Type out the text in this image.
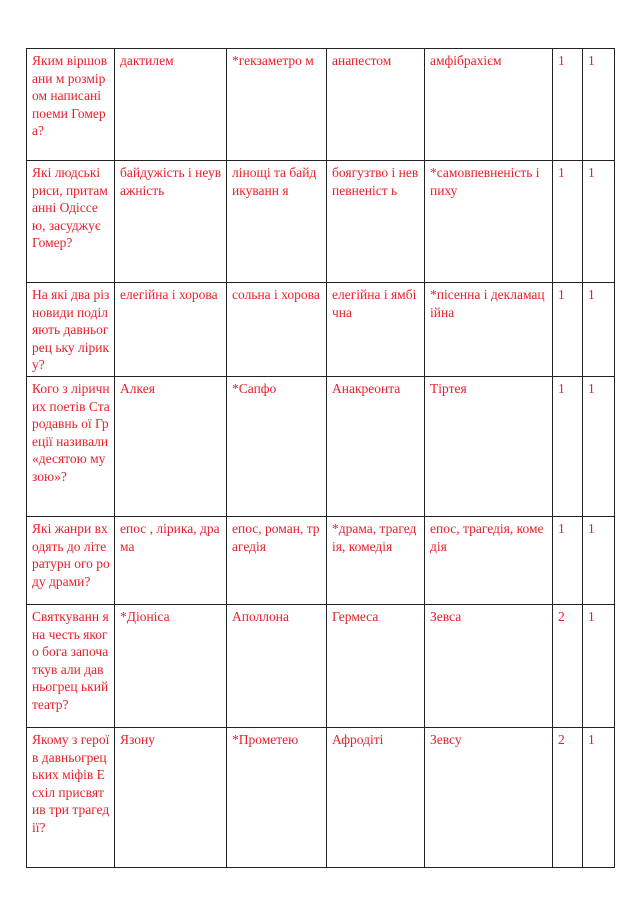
Яким віршовани м розміром написані поеми Гомера?	дактилем	*гекзаметро м	анапестом	амфібрахієм	1	1
Які людські риси, притаманні Одіссею, засуджує Гомер?	байдужість і неуважність	лінощі та байдикуванн я	боягузтво і невпевненіст ь	*самовпевненість і пиху	1	1
На які два різновиди поділяють давньогрец ьку лірику?	елегійна і хорова	сольна і хорова	елегійна і ямбічна	*пісенна і декламаційна	1	1
Кого з ліричних поетів Стародавнь ої Греції називали «десятою музою»?	Алкея	*Сапфо	Анакреонта	Тіртея	1	1
Які жанри входять до літературн ого роду драми?	епос , лірика, драма	епос, роман, трагедія	*драма, трагедія, комедія	епос, трагедія, комедія	1	1
Святкуванн я на честь якого бога започаткув али давньогрец ький театр?	*Діоніса	Аполлона	Гермеса	Зевса	2	1
Якому з героїв давньогрец ьких міфів Есхіл присвятив три трагедії?	Язону	*Прометею	Афродіті	Зевсу	2	1
